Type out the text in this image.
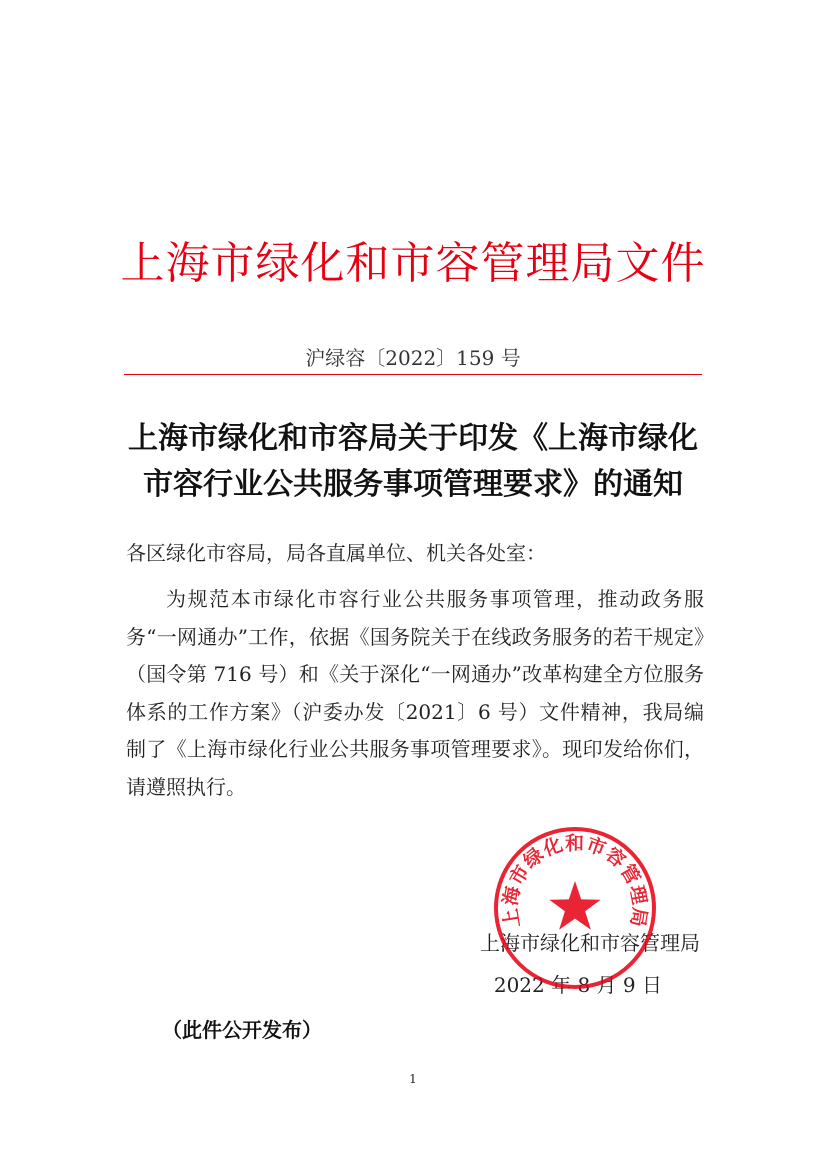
上海市绿化和市容管理局文件
沪绿容〔2022〕159 号
上海市绿化和市容局关于印发《上海市绿化
市容行业公共服务事项管理要求》的通知
各区绿化市容局，局各直属单位、机关各处室：
为规范本市绿化市容行业公共服务事项管理，推动政务服务“一网通办”工作，依据《国务院关于在线政务服务的若干规定》（国令第 716 号）和《关于深化“一网通办”改革构建全方位服务体系的工作方案》（沪委办发〔2021〕6 号）文件精神，我局编制了《上海市绿化行业公共服务事项管理要求》。现印发给你们，请遵照执行。
上海市绿化和市容管理局
2022 年 8 月 9 日
上海市绿化和市容管理局
（此件公开发布）
1
